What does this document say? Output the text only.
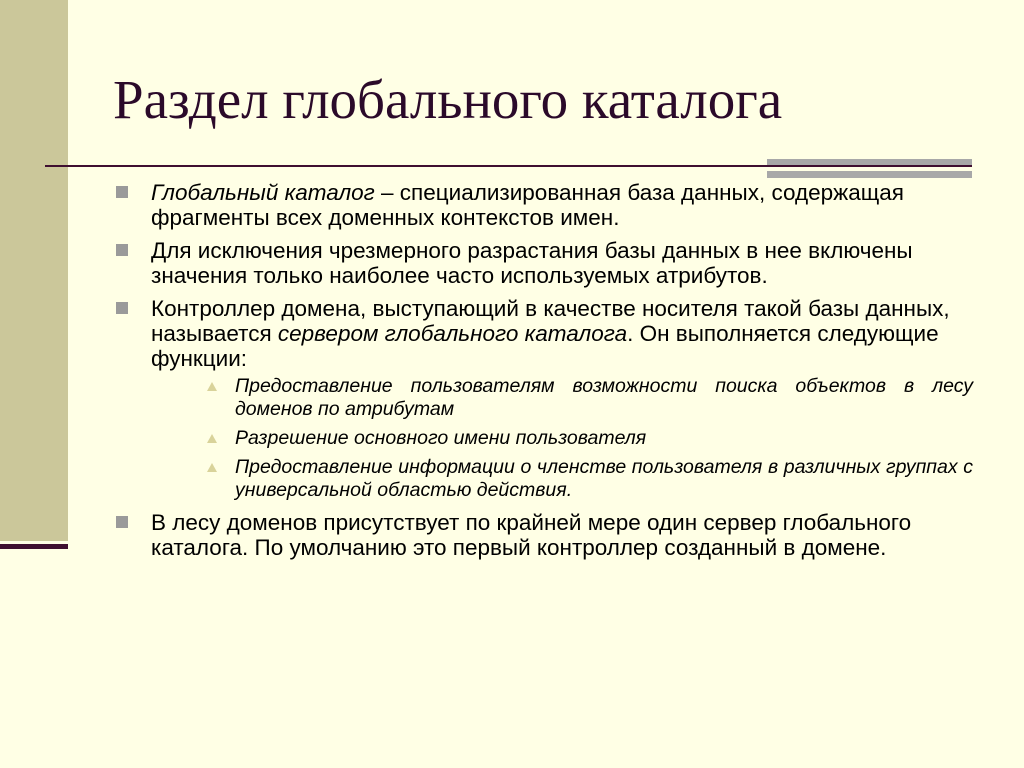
Раздел глобального каталога
Глобальный каталог – специализированная база данных, содержащая фрагменты всех доменных контекстов имен.
Для исключения чрезмерного разрастания базы данных в нее включены значения только наиболее часто используемых атрибутов.
Контроллер домена, выступающий в качестве носителя такой базы данных, называется сервером глобального каталога. Он выполняется следующие функции:
Предоставление пользователям возможности поиска объектов в лесу доменов по атрибутам
Разрешение основного имени пользователя
Предоставление информации о членстве пользователя в различных группах с универсальной областью действия.
В лесу доменов присутствует по крайней мере один сервер глобального каталога. По умолчанию это первый контроллер созданный в домене.
